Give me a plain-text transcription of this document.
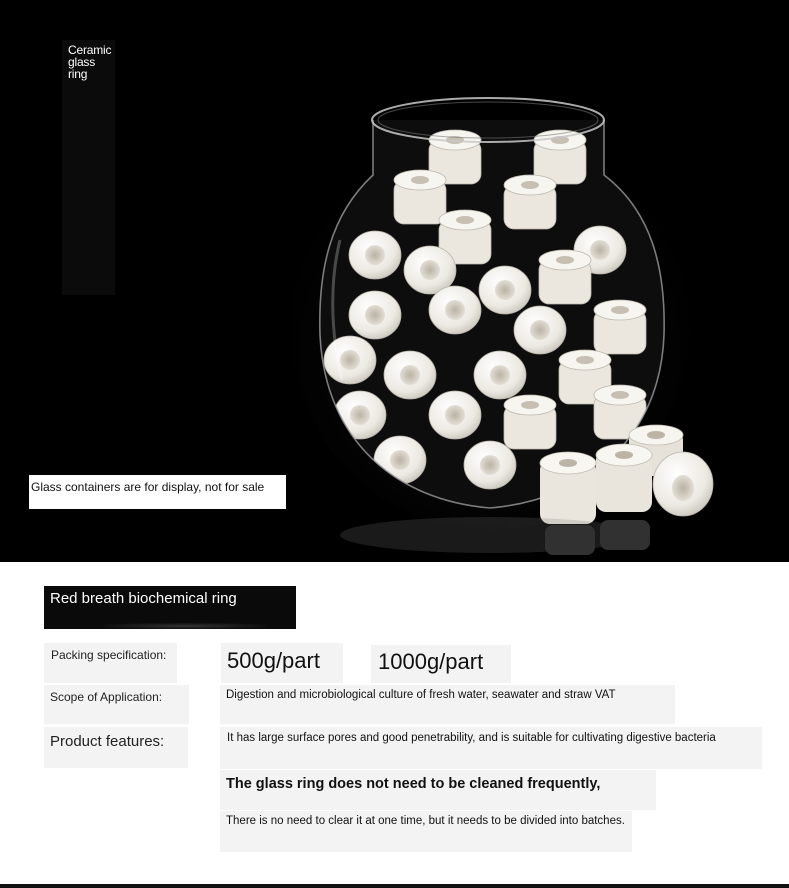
Ceramic
glass ring
Glass containers are for display, not for sale
Red breath biochemical ring
Packing specification:	500g/part	1000g/part
Scope of Application:	Digestion and microbiological culture of fresh water, seawater and straw VAT
Product features:	It has large surface pores and good penetrability, and is suitable for cultivating digestive bacteria
The glass ring does not need to be cleaned frequently,
There is no need to clear it at one time, but it needs to be divided into batches.
